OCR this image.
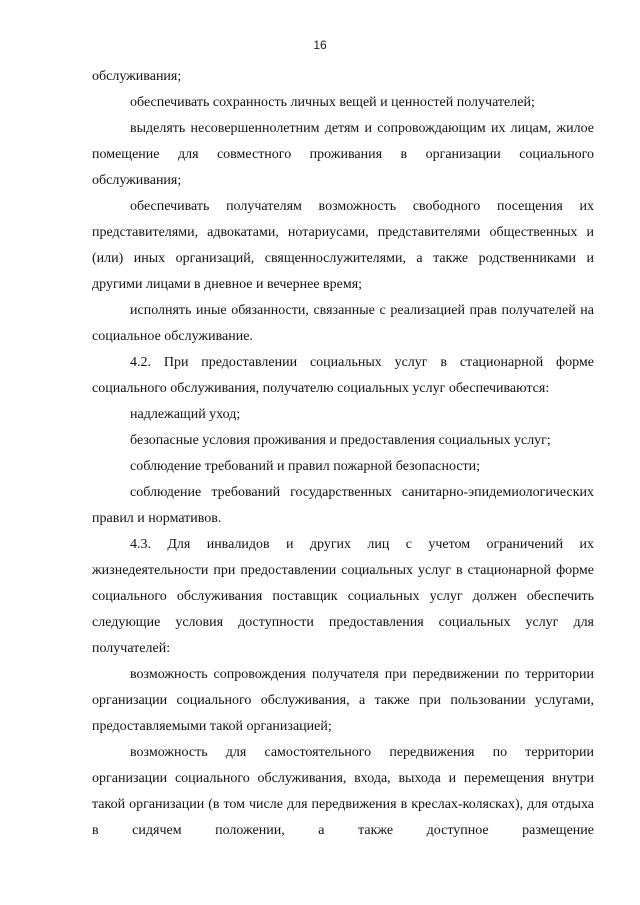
16

обслуживания;

обеспечивать сохранность личных вещей и ценностей получателей;

выделять несовершеннолетним детям и сопровождающим их лицам, жилое помещение для совместного проживания в организации социального обслуживания;

обеспечивать получателям возможность свободного посещения их представителями, адвокатами, нотариусами, представителями общественных и (или) иных организаций, священнослужителями, а также родственниками и другими лицами в дневное и вечернее время;

исполнять иные обязанности, связанные с реализацией прав получателей на социальное обслуживание.

4.2. При предоставлении социальных услуг в стационарной форме социального обслуживания, получателю социальных услуг обеспечиваются:

надлежащий уход;

безопасные условия проживания и предоставления социальных услуг;

соблюдение требований и правил пожарной безопасности;

соблюдение требований государственных санитарно-эпидемиологических правил и нормативов.

4.3. Для инвалидов и других лиц с учетом ограничений их жизнедеятельности при предоставлении социальных услуг в стационарной форме социального обслуживания поставщик социальных услуг должен обеспечить следующие условия доступности предоставления социальных услуг для получателей:

возможность сопровождения получателя при передвижении по территории организации социального обслуживания, а также при пользовании услугами, предоставляемыми такой организацией;

возможность для самостоятельного передвижения по территории организации социального обслуживания, входа, выхода и перемещения внутри такой организации (в том числе для передвижения в креслах-колясках), для отдыха в сидячем положении, а также доступное размещение
